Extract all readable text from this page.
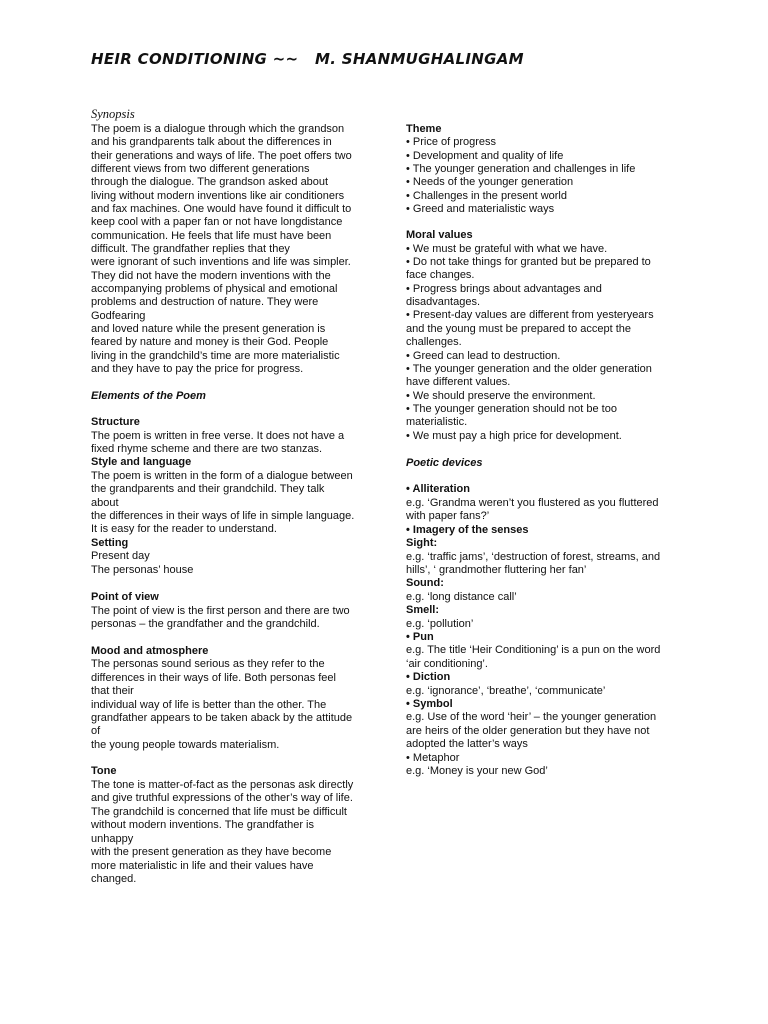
HEIR CONDITIONING ~~   M. SHANMUGHALINGAM
Synopsis
The poem is a dialogue through which the grandson
and his grandparents talk about the differences in
their generations and ways of life. The poet offers two
different views from two different generations
through the dialogue. The grandson asked about
living without modern inventions like air conditioners
and fax machines. One would have found it difficult to
keep cool with a paper fan or not have longdistance
communication. He feels that life must have been
difficult. The grandfather replies that they
were ignorant of such inventions and life was simpler.
They did not have the modern inventions with the
accompanying problems of physical and emotional
problems and destruction of nature. They were
Godfearing
and loved nature while the present generation is
feared by nature and money is their God. People
living in the grandchild’s time are more materialistic
and they have to pay the price for progress.
Elements of the Poem
Structure
The poem is written in free verse. It does not have a
fixed rhyme scheme and there are two stanzas.
Style and language
The poem is written in the form of a dialogue between
the grandparents and their grandchild. They talk
about
the differences in their ways of life in simple language.
It is easy for the reader to understand.
Setting
Present day
The personas’ house
Point of view
The point of view is the first person and there are two
personas – the grandfather and the grandchild.
Mood and atmosphere
The personas sound serious as they refer to the
differences in their ways of life. Both personas feel
that their
individual way of life is better than the other. The
grandfather appears to be taken aback by the attitude
of
the young people towards materialism.
Tone
The tone is matter-of-fact as the personas ask directly
and give truthful expressions of the other’s way of life.
The grandchild is concerned that life must be difficult
without modern inventions. The grandfather is
unhappy
with the present generation as they have become
more materialistic in life and their values have
changed.
Theme
• Price of progress
• Development and quality of life
• The younger generation and challenges in life
• Needs of the younger generation
• Challenges in the present world
• Greed and materialistic ways
Moral values
• We must be grateful with what we have.
• Do not take things for granted but be prepared to
face changes.
• Progress brings about advantages and
disadvantages.
• Present-day values are different from yesteryears
and the young must be prepared to accept the
challenges.
• Greed can lead to destruction.
• The younger generation and the older generation
have different values.
• We should preserve the environment.
• The younger generation should not be too
materialistic.
• We must pay a high price for development.
Poetic devices
• Alliteration
e.g. ‘Grandma weren’t you flustered as you fluttered
with paper fans?’
• Imagery of the senses
Sight:
e.g. ‘traffic jams’, ‘destruction of forest, streams, and
hills’, ‘ grandmother fluttering her fan’
Sound:
e.g. ‘long distance call’
Smell:
e.g. ‘pollution’
• Pun
e.g. The title ‘Heir Conditioning’ is a pun on the word
‘air conditioning’.
• Diction
e.g. ‘ignorance’, ‘breathe’, ‘communicate’
• Symbol
e.g. Use of the word ‘heir’ – the younger generation
are heirs of the older generation but they have not
adopted the latter’s ways
• Metaphor
e.g. ‘Money is your new God’
